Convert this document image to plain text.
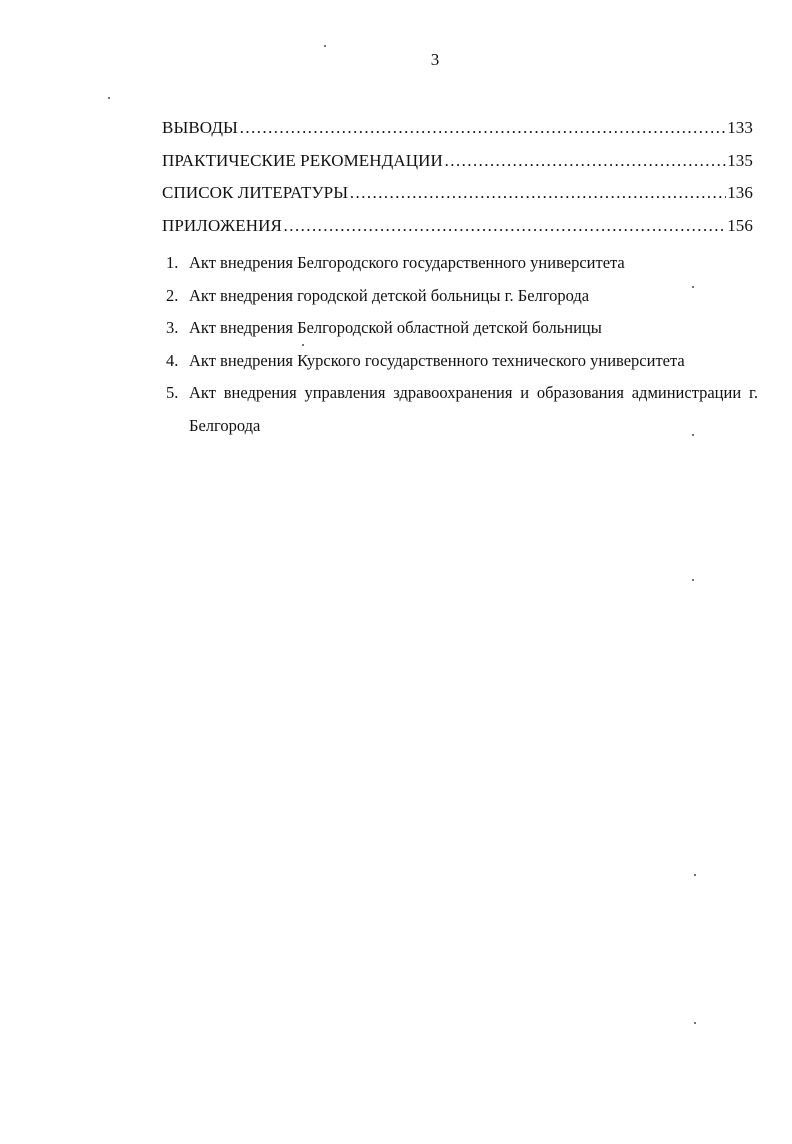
3
ВЫВОДЫ ………………………………………………………………………………………………………………………………………………	133
ПРАКТИЧЕСКИЕ РЕКОМЕНДАЦИИ ………………………………………………………………………………………………………………………………………………	135
СПИСОК ЛИТЕРАТУРЫ ………………………………………………………………………………………………………………………………………………	136
ПРИЛОЖЕНИЯ ………………………………………………………………………………………………………………………………………………	156
1. Акт внедрения Белгородского государственного университета
2. Акт внедрения городской детской больницы г. Белгорода
3. Акт внедрения Белгородской областной детской больницы
4. Акт внедрения Курского государственного технического университета
5. Акт внедрения управления здравоохранения и образования администрации г. Белгорода
